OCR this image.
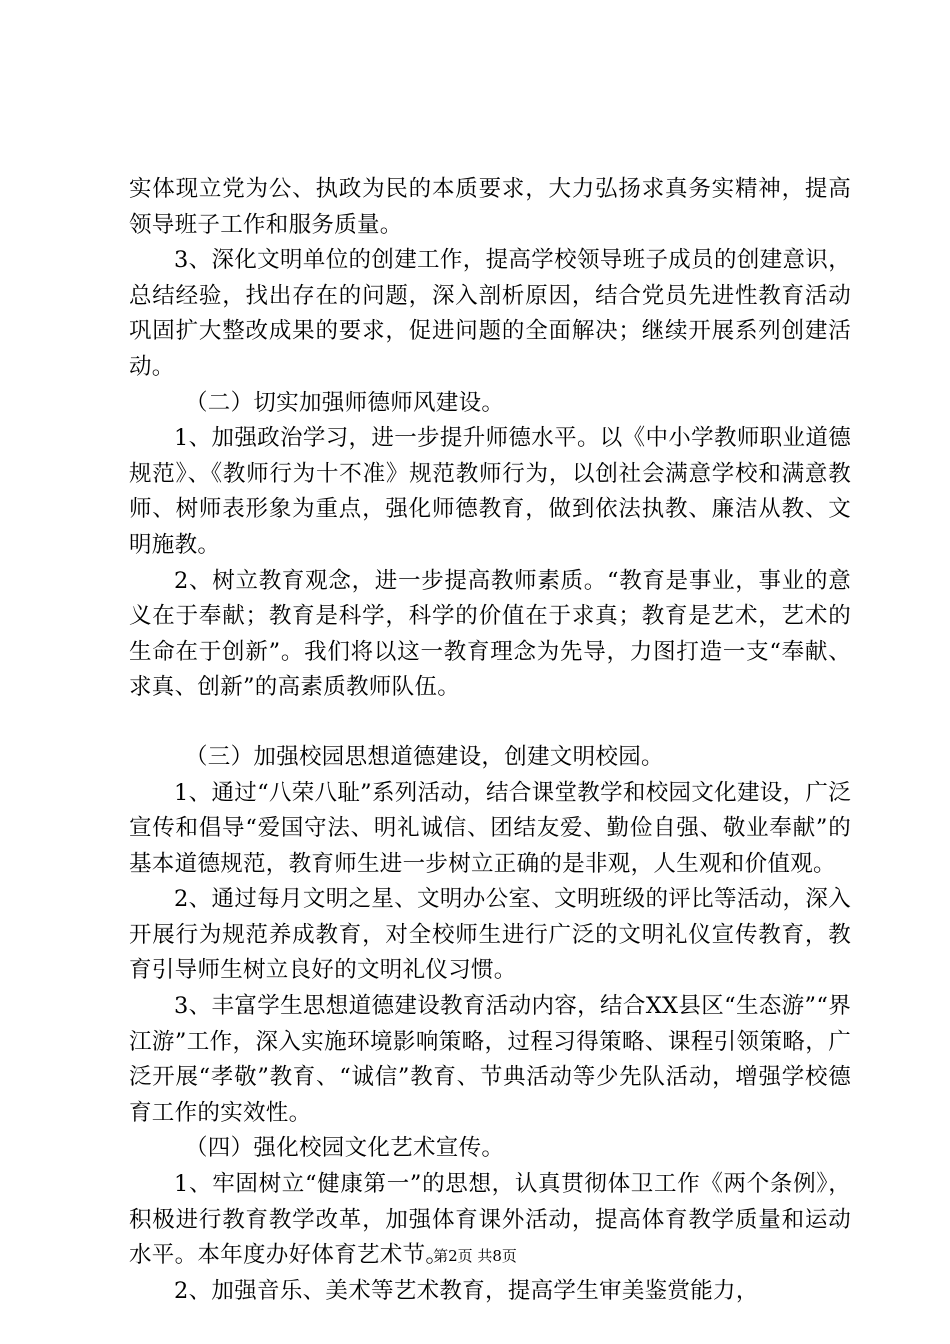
实体现立党为公、执政为民的本质要求，大力弘扬求真务实精神，提高领导班子工作和服务质量。

3、深化文明单位的创建工作，提高学校领导班子成员的创建意识，总结经验，找出存在的问题，深入剖析原因，结合党员先进性教育活动巩固扩大整改成果的要求，促进问题的全面解决；继续开展系列创建活动。

（二）切实加强师德师风建设。

1、加强政治学习，进一步提升师德水平。以《中小学教师职业道德规范》、《教师行为十不准》规范教师行为，以创社会满意学校和满意教师、树师表形象为重点，强化师德教育，做到依法执教、廉洁从教、文明施教。

2、树立教育观念，进一步提高教师素质。“教育是事业，事业的意义在于奉献；教育是科学，科学的价值在于求真；教育是艺术，艺术的生命在于创新”。我们将以这一教育理念为先导，力图打造一支“奉献、求真、创新”的高素质教师队伍。

（三）加强校园思想道德建设，创建文明校园。

1、通过“八荣八耻”系列活动，结合课堂教学和校园文化建设，广泛宣传和倡导“爱国守法、明礼诚信、团结友爱、勤俭自强、敬业奉献”的基本道德规范，教育师生进一步树立正确的是非观，人生观和价值观。

2、通过每月文明之星、文明办公室、文明班级的评比等活动，深入开展行为规范养成教育，对全校师生进行广泛的文明礼仪宣传教育，教育引导师生树立良好的文明礼仪习惯。

3、丰富学生思想道德建设教育活动内容，结合XX县区“生态游”“界江游”工作，深入实施环境影响策略，过程习得策略、课程引领策略，广泛开展“孝敬”教育、“诚信”教育、节典活动等少先队活动，增强学校德育工作的实效性。

（四）强化校园文化艺术宣传。

1、牢固树立“健康第一”的思想，认真贯彻体卫工作《两个条例》，积极进行教育教学改革，加强体育课外活动，提高体育教学质量和运动水平。本年度办好体育艺术节。

2、加强音乐、美术等艺术教育，提高学生审美鉴赏能力，

第2页 共8页
